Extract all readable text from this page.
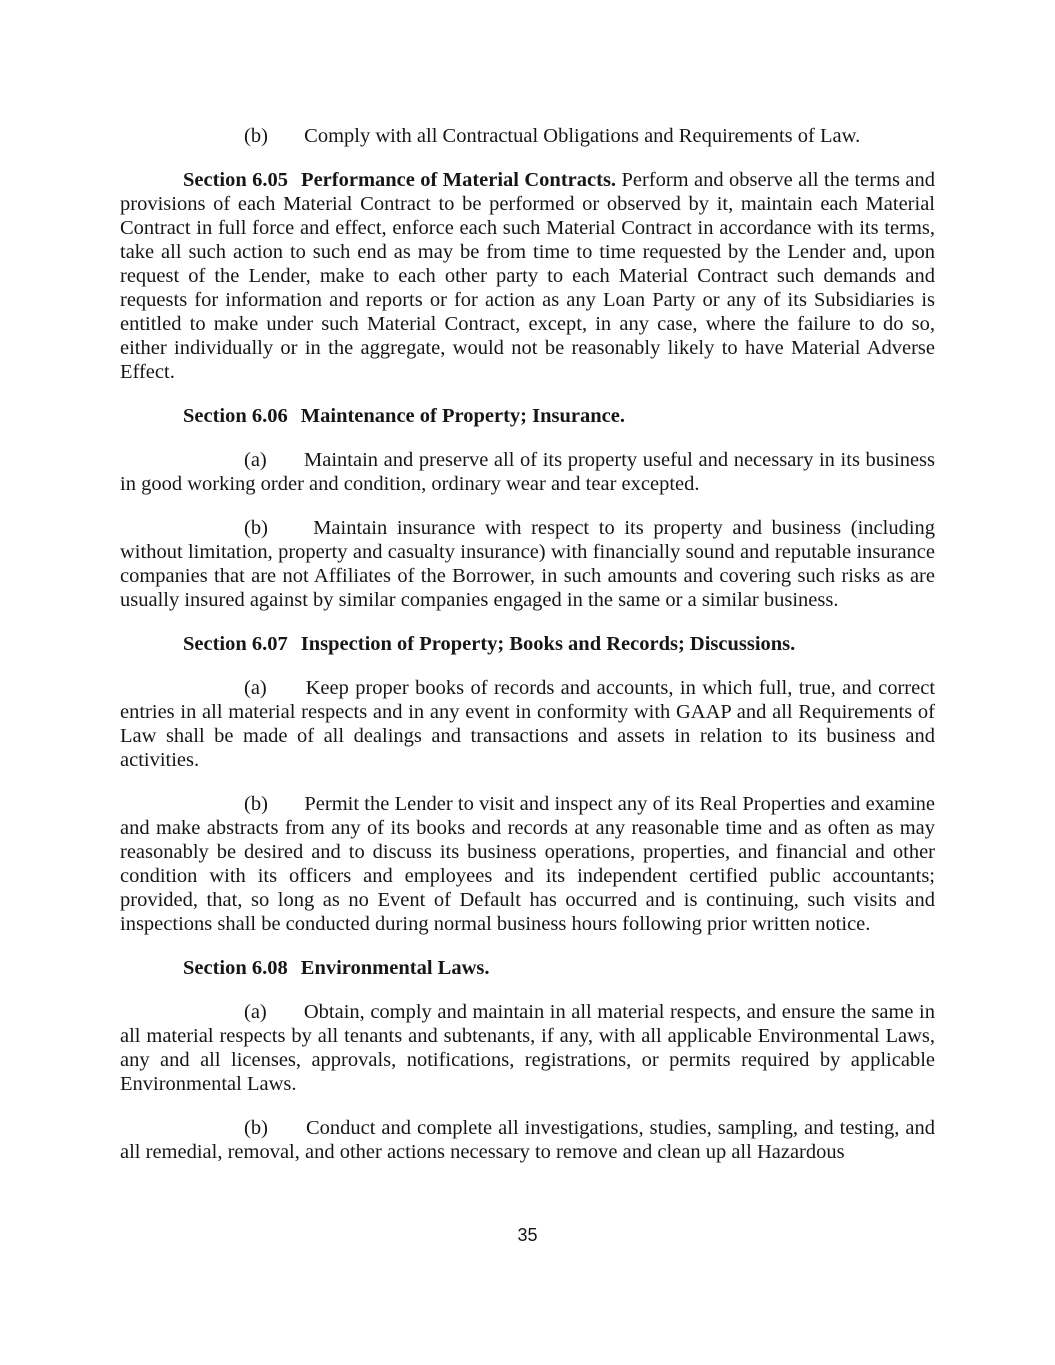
(b) Comply with all Contractual Obligations and Requirements of Law.

Section 6.05 Performance of Material Contracts. Perform and observe all the terms and provisions of each Material Contract to be performed or observed by it, maintain each Material Contract in full force and effect, enforce each such Material Contract in accordance with its terms, take all such action to such end as may be from time to time requested by the Lender and, upon request of the Lender, make to each other party to each Material Contract such demands and requests for information and reports or for action as any Loan Party or any of its Subsidiaries is entitled to make under such Material Contract, except, in any case, where the failure to do so, either individually or in the aggregate, would not be reasonably likely to have Material Adverse Effect.

Section 6.06 Maintenance of Property; Insurance.

(a) Maintain and preserve all of its property useful and necessary in its business in good working order and condition, ordinary wear and tear excepted.

(b) Maintain insurance with respect to its property and business (including without limitation, property and casualty insurance) with financially sound and reputable insurance companies that are not Affiliates of the Borrower, in such amounts and covering such risks as are usually insured against by similar companies engaged in the same or a similar business.

Section 6.07 Inspection of Property; Books and Records; Discussions.

(a) Keep proper books of records and accounts, in which full, true, and correct entries in all material respects and in any event in conformity with GAAP and all Requirements of Law shall be made of all dealings and transactions and assets in relation to its business and activities.

(b) Permit the Lender to visit and inspect any of its Real Properties and examine and make abstracts from any of its books and records at any reasonable time and as often as may reasonably be desired and to discuss its business operations, properties, and financial and other condition with its officers and employees and its independent certified public accountants; provided, that, so long as no Event of Default has occurred and is continuing, such visits and inspections shall be conducted during normal business hours following prior written notice.

Section 6.08 Environmental Laws.

(a) Obtain, comply and maintain in all material respects, and ensure the same in all material respects by all tenants and subtenants, if any, with all applicable Environmental Laws, any and all licenses, approvals, notifications, registrations, or permits required by applicable Environmental Laws.

(b) Conduct and complete all investigations, studies, sampling, and testing, and all remedial, removal, and other actions necessary to remove and clean up all Hazardous

35
